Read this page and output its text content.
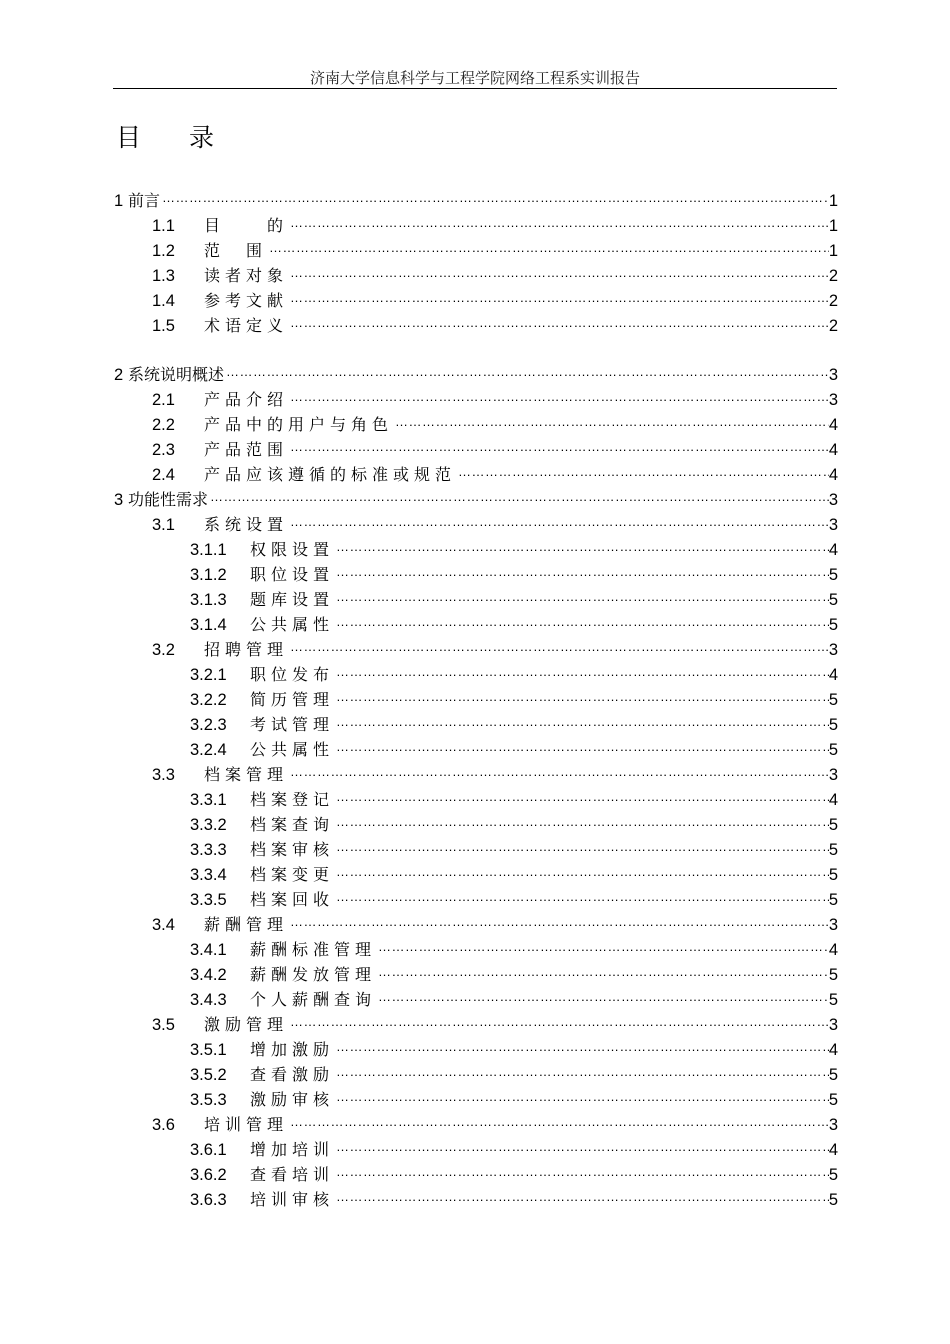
济南大学信息科学与工程学院网络工程系实训报告
目 录
1 前言 …………………………………………………………………………………………………………………………………………………………………………………………………	1
1.1	目　　的 …………………………………………………………………………………………………………………………………………………………………………………………………	1
1.2	范　围 …………………………………………………………………………………………………………………………………………………………………………………………………	1
1.3	读者对象 …………………………………………………………………………………………………………………………………………………………………………………………………	2
1.4	参考文献 …………………………………………………………………………………………………………………………………………………………………………………………………	2
1.5	术语定义 …………………………………………………………………………………………………………………………………………………………………………………………………	2
2 系统说明概述 …………………………………………………………………………………………………………………………………………………………………………………………………	3
2.1	产品介绍 …………………………………………………………………………………………………………………………………………………………………………………………………	3
2.2	产品中的用户与角色 …………………………………………………………………………………………………………………………………………………………………………………………………	4
2.3	产品范围 …………………………………………………………………………………………………………………………………………………………………………………………………	4
2.4	产品应该遵循的标准或规范 …………………………………………………………………………………………………………………………………………………………………………………………………	4
3 功能性需求 …………………………………………………………………………………………………………………………………………………………………………………………………	3
3.1	系统设置 …………………………………………………………………………………………………………………………………………………………………………………………………	3
3.1.1	权限设置 …………………………………………………………………………………………………………………………………………………………………………………………………	4
3.1.2	职位设置 …………………………………………………………………………………………………………………………………………………………………………………………………	5
3.1.3	题库设置 …………………………………………………………………………………………………………………………………………………………………………………………………	5
3.1.4	公共属性 …………………………………………………………………………………………………………………………………………………………………………………………………	5
3.2	招聘管理 …………………………………………………………………………………………………………………………………………………………………………………………………	3
3.2.1	职位发布 …………………………………………………………………………………………………………………………………………………………………………………………………	4
3.2.2	简历管理 …………………………………………………………………………………………………………………………………………………………………………………………………	5
3.2.3	考试管理 …………………………………………………………………………………………………………………………………………………………………………………………………	5
3.2.4	公共属性 …………………………………………………………………………………………………………………………………………………………………………………………………	5
3.3	档案管理 …………………………………………………………………………………………………………………………………………………………………………………………………	3
3.3.1	档案登记 …………………………………………………………………………………………………………………………………………………………………………………………………	4
3.3.2	档案查询 …………………………………………………………………………………………………………………………………………………………………………………………………	5
3.3.3	档案审核 …………………………………………………………………………………………………………………………………………………………………………………………………	5
3.3.4	档案变更 …………………………………………………………………………………………………………………………………………………………………………………………………	5
3.3.5	档案回收 …………………………………………………………………………………………………………………………………………………………………………………………………	5
3.4	薪酬管理 …………………………………………………………………………………………………………………………………………………………………………………………………	3
3.4.1	薪酬标准管理 …………………………………………………………………………………………………………………………………………………………………………………………………	4
3.4.2	薪酬发放管理 …………………………………………………………………………………………………………………………………………………………………………………………………	5
3.4.3	个人薪酬查询 …………………………………………………………………………………………………………………………………………………………………………………………………	5
3.5	激励管理 …………………………………………………………………………………………………………………………………………………………………………………………………	3
3.5.1	增加激励 …………………………………………………………………………………………………………………………………………………………………………………………………	4
3.5.2	查看激励 …………………………………………………………………………………………………………………………………………………………………………………………………	5
3.5.3	激励审核 …………………………………………………………………………………………………………………………………………………………………………………………………	5
3.6	培训管理 …………………………………………………………………………………………………………………………………………………………………………………………………	3
3.6.1	增加培训 …………………………………………………………………………………………………………………………………………………………………………………………………	4
3.6.2	查看培训 …………………………………………………………………………………………………………………………………………………………………………………………………	5
3.6.3	培训审核 …………………………………………………………………………………………………………………………………………………………………………………………………	5
